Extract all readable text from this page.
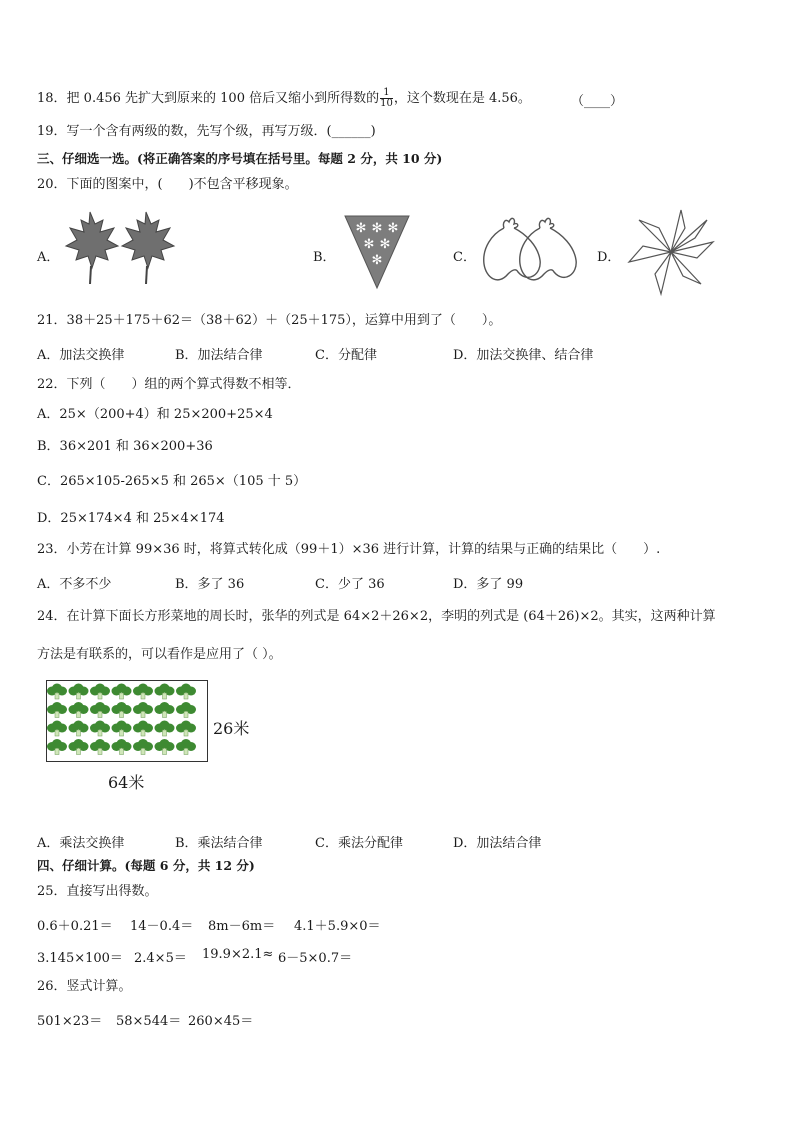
18．把 0.456 先扩大到原来的 100 倍后又缩小到所得数的 $\frac{1}{10}$ ，这个数现在是 4.56。	（____）
19．写一个含有两级的数，先写个级，再写万级．(______)
三、仔细选一选。(将正确答案的序号填在括号里。每题 2 分，共 10 分)
20．下面的图案中，(　　)不包含平移现象。
A．	B．	C．	D．
✻ ✻ ✻
✻ ✻
✻
21．38＋25＋175＋62＝（38＋62）＋（25＋175），运算中用到了（　　）。
A．加法交换律	B．加法结合律	C．分配律	D．加法交换律、结合律
22．下列（　　）组的两个算式得数不相等．
A．25×（200+4）和 25×200+25×4
B．36×201 和 36×200+36
C．265×105-265×5 和 265×（105 十 5）
D．25×174×4 和 25×4×174
23．小芳在计算 99×36 时，将算式转化成（99＋1）×36 进行计算，计算的结果与正确的结果比（　　）.
A．不多不少	B．多了 36	C．少了 36	D．多了 99
24．在计算下面长方形菜地的周长时，张华的列式是 64×2＋26×2，李明的列式是 (64＋26)×2。其实，这两种计算
方法是有联系的，可以看作是应用了（ ）。
26米
64米
A．乘法交换律	B．乘法结合律	C．乘法分配律	D．加法结合律
四、仔细计算。(每题 6 分，共 12 分)
25．直接写出得数。
0.6＋0.21＝ 14－0.4＝ 8m－6m＝ 4.1＋5.9×0＝
3.145×100＝ 2.4×5＝ 19.9×2.1≈ 6－5×0.7＝
26．竖式计算。
501×23＝ 58×544＝ 260×45＝
